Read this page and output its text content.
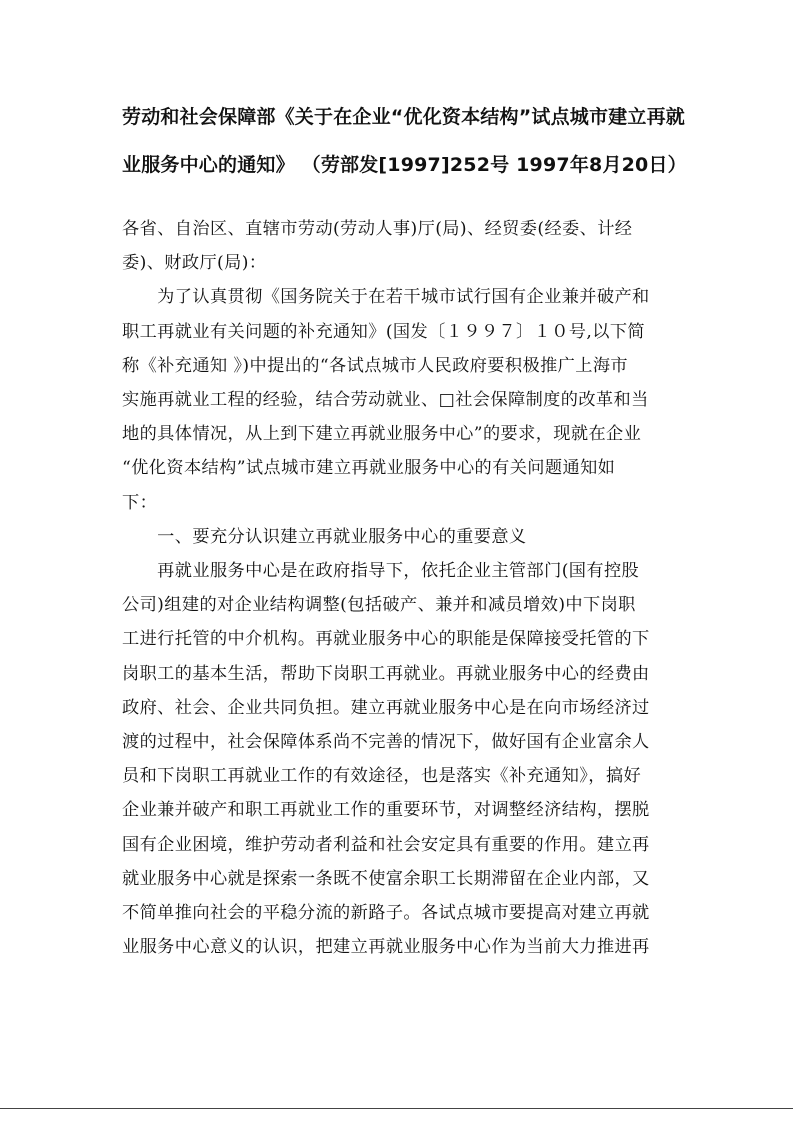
劳动和社会保障部《关于在企业“优化资本结构”试点城市建立再就
业服务中心的通知》 （劳部发[1997]252号 1997年8月20日）
各省、自治区、直辖市劳动(劳动人事)厅(局)、经贸委(经委、计经
委)、财政厅(局)：
　　为了认真贯彻《国务院关于在若干城市试行国有企业兼并破产和
职工再就业有关问题的补充通知》(国发〔１９９７〕１０号,以下简
称《补充通知 》)中提出的“各试点城市人民政府要积极推广上海市
实施再就业工程的经验，结合劳动就业、□社会保障制度的改革和当
地的具体情况，从上到下建立再就业服务中心”的要求，现就在企业
“优化资本结构”试点城市建立再就业服务中心的有关问题通知如
下：
　　一、要充分认识建立再就业服务中心的重要意义
　　再就业服务中心是在政府指导下，依托企业主管部门(国有控股
公司)组建的对企业结构调整(包括破产、兼并和减员增效)中下岗职
工进行托管的中介机构。再就业服务中心的职能是保障接受托管的下
岗职工的基本生活，帮助下岗职工再就业。再就业服务中心的经费由
政府、社会、企业共同负担。建立再就业服务中心是在向市场经济过
渡的过程中，社会保障体系尚不完善的情况下，做好国有企业富余人
员和下岗职工再就业工作的有效途径，也是落实《补充通知》，搞好
企业兼并破产和职工再就业工作的重要环节，对调整经济结构，摆脱
国有企业困境，维护劳动者利益和社会安定具有重要的作用。建立再
就业服务中心就是探索一条既不使富余职工长期滞留在企业内部，又
不简单推向社会的平稳分流的新路子。各试点城市要提高对建立再就
业服务中心意义的认识，把建立再就业服务中心作为当前大力推进再
